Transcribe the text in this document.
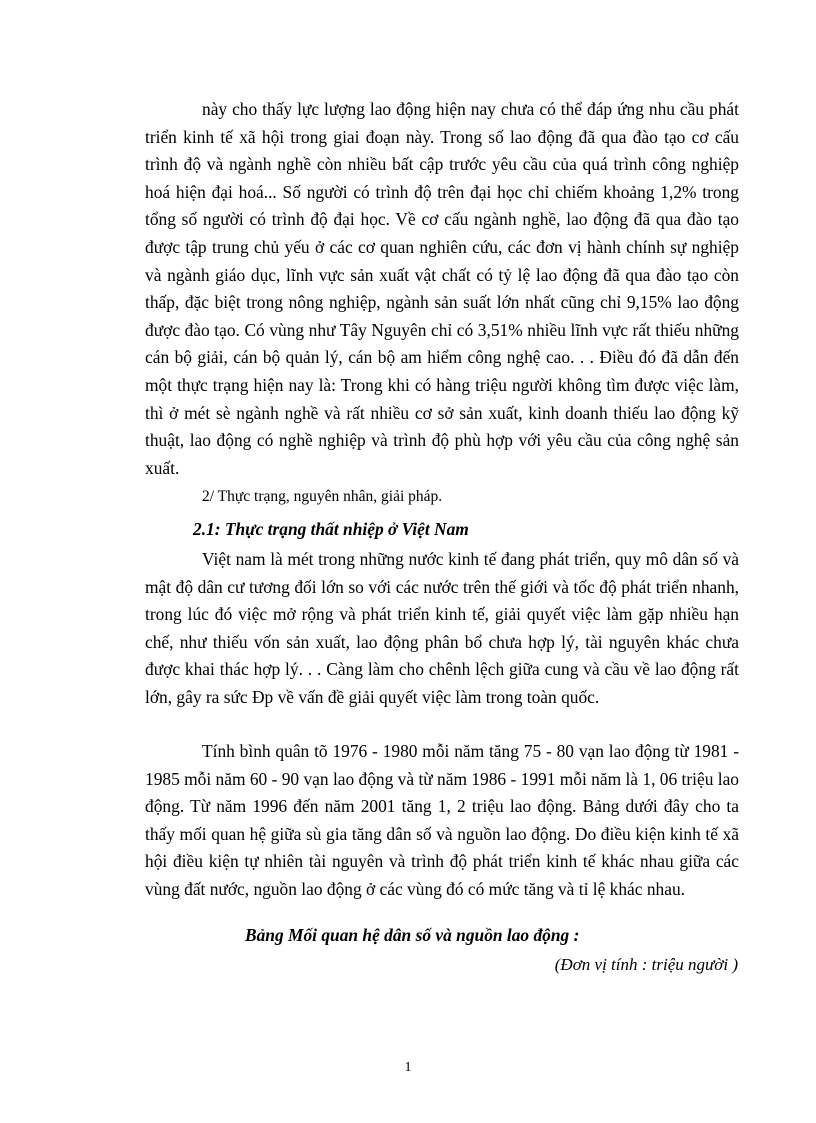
này cho thấy lực lượng lao động hiện nay chưa có thể đáp ứng nhu cầu phát triển kinh tế xã hội trong giai đoạn này. Trong số lao động đã qua đào tạo cơ cấu trình độ và ngành nghề còn nhiều bất cập trước yêu cầu của quá trình công nghiệp hoá hiện đại hoá... Số người có trình độ trên đại học chỉ chiếm khoảng 1,2% trong tổng số người có trình độ đại học. Về cơ cấu ngành nghề, lao động đã qua đào tạo được tập trung chủ yếu ở các cơ quan nghiên cứu, các đơn vị hành chính sự nghiệp và ngành giáo dục, lĩnh vực sản xuất vật chất có tỷ lệ lao động đã qua đào tạo còn thấp, đặc biệt trong nông nghiệp, ngành sản suất lớn nhất cũng chỉ 9,15% lao động được đào tạo. Có vùng như Tây Nguyên chỉ có 3,51% nhiều lĩnh vực rất thiếu những cán bộ giải, cán bộ quản lý, cán bộ am hiểm công nghệ cao. . . Điều đó đã dẫn đến một thực trạng hiện nay là: Trong khi có hàng triệu người không tìm được việc làm, thì ở mét sè ngành nghề và rất nhiều cơ sở sản xuất, kinh doanh thiếu lao động kỹ thuật, lao động có nghề nghiệp và trình độ phù hợp với yêu cầu của công nghệ sản xuất.

2/ Thực trạng, nguyên nhân, giải pháp.

2.1: Thực trạng thất nhiệp ở Việt Nam

Việt nam là mét trong những nước kinh tế đang phát triển, quy mô dân số và mật độ dân cư tương đối lớn so với các nước trên thế giới và tốc độ phát triển nhanh, trong lúc đó việc mở rộng và phát triển kinh tế, giải quyết việc làm gặp nhiều hạn chế, như thiếu vốn sản xuất, lao động phân bổ chưa hợp lý, tài nguyên khác chưa được khai thác hợp lý. . . Càng làm cho chênh lệch giữa cung và cầu về lao động rất lớn, gây ra sức Ðp về vấn đề giải quyết việc làm trong toàn quốc.

Tính bình quân tõ 1976 - 1980 mỗi năm tăng 75 - 80 vạn lao động từ 1981 - 1985 mỗi năm 60 - 90 vạn lao động và từ năm 1986 - 1991 mỗi năm là 1, 06 triệu lao động. Từ năm 1996 đến năm 2001 tăng 1, 2 triệu lao động. Bảng dưới đây cho ta thấy mối quan hệ giữa sù gia tăng dân số và nguồn lao động. Do điều kiện kinh tế xã hội điều kiện tự nhiên tài nguyên và trình độ phát triển kinh tế khác nhau giữa các vùng đất nước, nguồn lao động ở các vùng đó có mức tăng và tỉ lệ khác nhau.

Bảng Mối quan hệ dân số và nguồn lao động :

(Đơn vị tính : triệu người )

1
